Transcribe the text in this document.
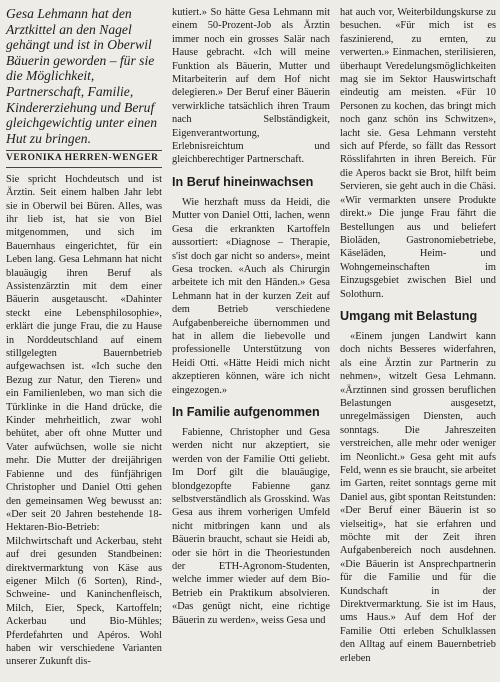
Gesa Lehmann hat den Arztkittel an den Nagel gehängt und ist in Oberwil Bäuerin geworden – für sie die Möglichkeit, Partnerschaft, Familie, Kindererziehung und Beruf gleichgewichtig unter einen Hut zu bringen.
VERONIKA HERREN-WENGER

Sie spricht Hochdeutsch und ist Ärztin. Seit einem halben Jahr lebt sie in Oberwil bei Büren. Alles, was ihr lieb ist, hat sie von Biel mitgenommen, und sich im Bauernhaus eingerichtet, für ein Leben lang. Gesa Lehmann hat nicht blauäugig ihren Beruf als Assistenzärztin mit dem einer Bäuerin ausgetauscht. «Dahinter steckt eine Lebensphilosophie», erklärt die junge Frau, die zu Hause in Norddeutschland auf einem stillgelegten Bauernbetrieb aufgewachsen ist. «Ich suche den Bezug zur Natur, den Tieren» und ein Familienleben, wo man sich die Türklinke in die Hand drücke, die Kinder mehrheitlich, zwar wohl behütet, aber oft ohne Mutter und Vater aufwüchsen, wolle sie nicht mehr. Die Mutter der dreijährigen Fabienne und des fünfjährigen Christopher und Daniel Otti gehen den gemeinsamen Weg bewusst an: «Der seit 20 Jahren bestehende 18-Hektaren-Bio-Betrieb: Milchwirtschaft und Ackerbau, steht auf drei gesunden Standbeinen: direktvermarktung von Käse aus eigener Milch (6 Sorten), Rind-, Schweine- und Kaninchenfleisch, Milch, Eier, Speck, Kartoffeln; Ackerbau und Bio-Mühles; Pferdefahrten und Apéros. Wohl haben wir verschiedene Varianten unserer Zukunft dis-

kutiert.» So hätte Gesa Lehmann mit einem 50-Prozent-Job als Ärztin immer noch ein grosses Salär nach Hause gebracht. «Ich will meine Funktion als Bäuerin, Mutter und Mitarbeiterin auf dem Hof nicht delegieren.» Der Beruf einer Bäuerin verwirkliche tatsächlich ihren Traum nach Selbständigkeit, Eigenverantwortung, Erlebnisreichtum und gleichberechtiger Partnerschaft.

In Beruf hineinwachsen

Wie herzhaft muss da Heidi, die Mutter von Daniel Otti, lachen, wenn Gesa die erkrankten Kartoffeln aussortiert: «Diagnose – Therapie, s'ist doch gar nicht so anders», meint Gesa trocken. «Auch als Chirurgin arbeitete ich mit den Händen.» Gesa Lehmann hat in der kurzen Zeit auf dem Betrieb verschiedene Aufgabenbereiche übernommen und hat in allem die liebevolle und professionelle Unterstützung von Heidi Otti. «Hätte Heidi mich nicht akzeptieren können, wäre ich nicht eingezogen.»

In Familie aufgenommen

Fabienne, Christopher und Gesa werden nicht nur akzeptiert, sie werden von der Familie Otti geliebt. Im Dorf gilt die blauäugige, blondgezopfte Fabienne ganz selbstverständlich als Grosskind. Was Gesa aus ihrem vorherigen Umfeld nicht mitbringen kann und als Bäuerin braucht, schaut sie Heidi ab, oder sie hört in die Theoriestunden der ETH-Agronom-Studenten, welche immer wieder auf dem Bio-Betrieb ein Praktikum absolvieren. «Das genügt nicht, eine richtige Bäuerin zu werden», weiss Gesa und

hat auch vor, Weiterbildungskurse zu besuchen. «Für mich ist es faszinierend, zu ernten, zu verwerten.» Einmachen, sterilisieren, überhaupt Veredelungsmöglichkeiten mag sie im Sektor Hauswirtschaft eindeutig am meisten. «Für 10 Personen zu kochen, das bringt mich noch ganz schön ins Schwitzen», lacht sie. Gesa Lehmann versteht sich auf Pferde, so fällt das Ressort Rösslifahrten in ihren Bereich. Für die Aperos backt sie Brot, hilft beim Servieren, sie geht auch in die Chäsi. «Wir vermarkten unsere Produkte direkt.» Die junge Frau fährt die Bestellungen aus und beliefert Bioläden, Gastronomiebetriebe, Käseläden, Heim- und Wohngemeinschaften im Einzugsgebiet zwischen Biel und Solothurn.

Umgang mit Belastung

«Einem jungen Landwirt kann doch nichts Besseres widerfahren, als eine Ärztin zur Partnerin zu nehmen», witzelt Gesa Lehmann. «Ärztinnen sind grossen beruflichen Belastungen ausgesetzt, unregelmässigen Diensten, auch sonntags. Die Jahreszeiten verstreichen, alle mehr oder weniger im Neonlicht.» Gesa geht mit aufs Feld, wenn es sie braucht, sie arbeitet im Garten, reitet sonntags gerne mit Daniel aus, gibt spontan Reitstunden: «Der Beruf einer Bäuerin ist so vielseitig», hat sie erfahren und möchte mit der Zeit ihren Aufgabenbereich noch ausdehnen. «Die Bäuerin ist Ansprechpartnerin für die Familie und für die Kundschaft in der Direktvermarktung. Sie ist im Haus, ums Haus.» Auf dem Hof der Familie Otti erleben Schulklassen den Alltag auf einem Bauernbetrieb erleben
